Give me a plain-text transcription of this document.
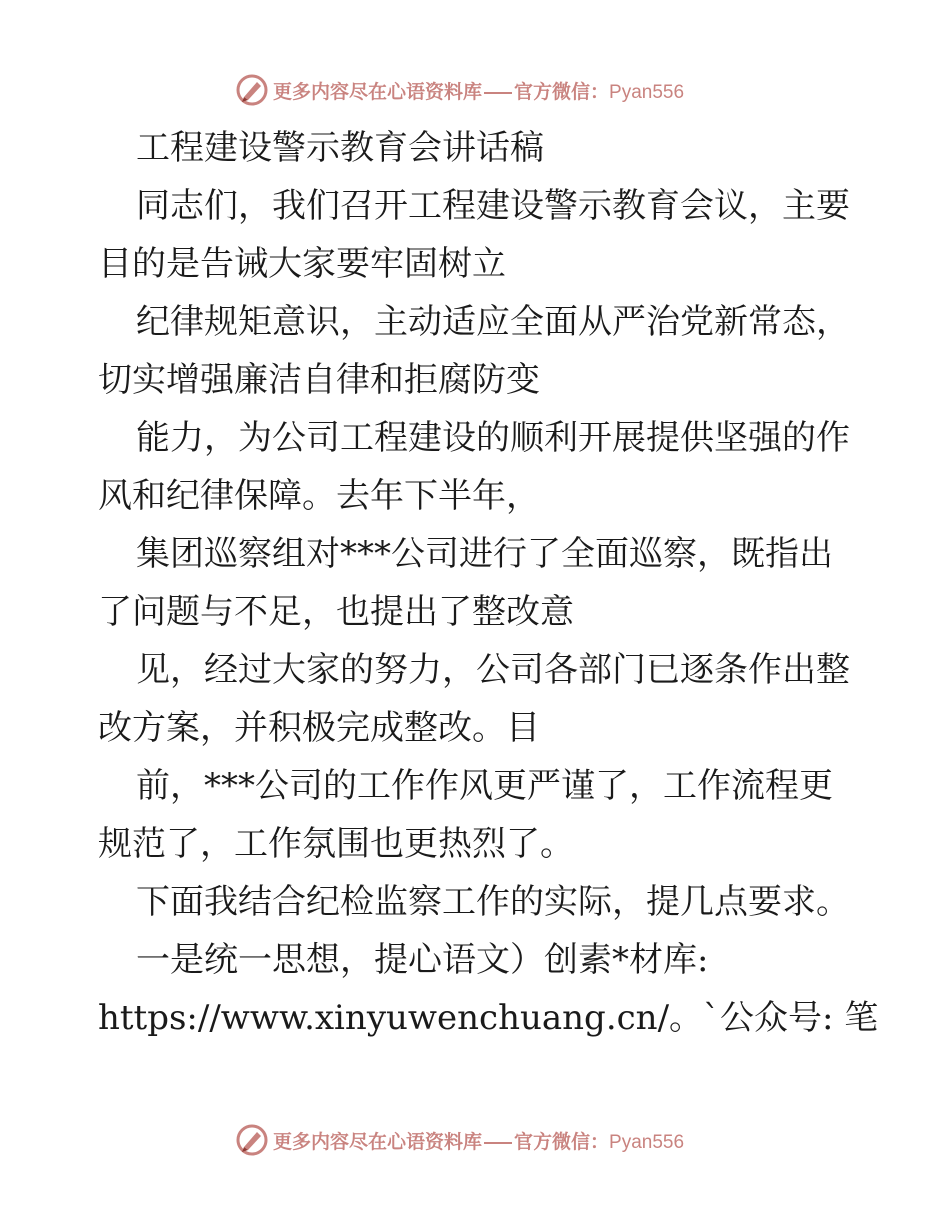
更多内容尽在心语资料库 官方微信：Pyan556
工程建设警示教育会讲话稿
同志们，我们召开工程建设警示教育会议，主要
目的是告诫大家要牢固树立
纪律规矩意识，主动适应全面从严治党新常态，
切实增强廉洁自律和拒腐防变
能力，为公司工程建设的顺利开展提供坚强的作
风和纪律保障。去年下半年，
集团巡察组对***公司进行了全面巡察，既指出
了问题与不足，也提出了整改意
见，经过大家的努力，公司各部门已逐条作出整
改方案，并积极完成整改。目
前，***公司的工作作风更严谨了，工作流程更
规范了，工作氛围也更热烈了。
下面我结合纪检监察工作的实际，提几点要求。
一是统一思想，提心语文）创素*材库:
https://www.xinyuwenchuang.cn/。`公众号: 笔
更多内容尽在心语资料库 官方微信：Pyan556
